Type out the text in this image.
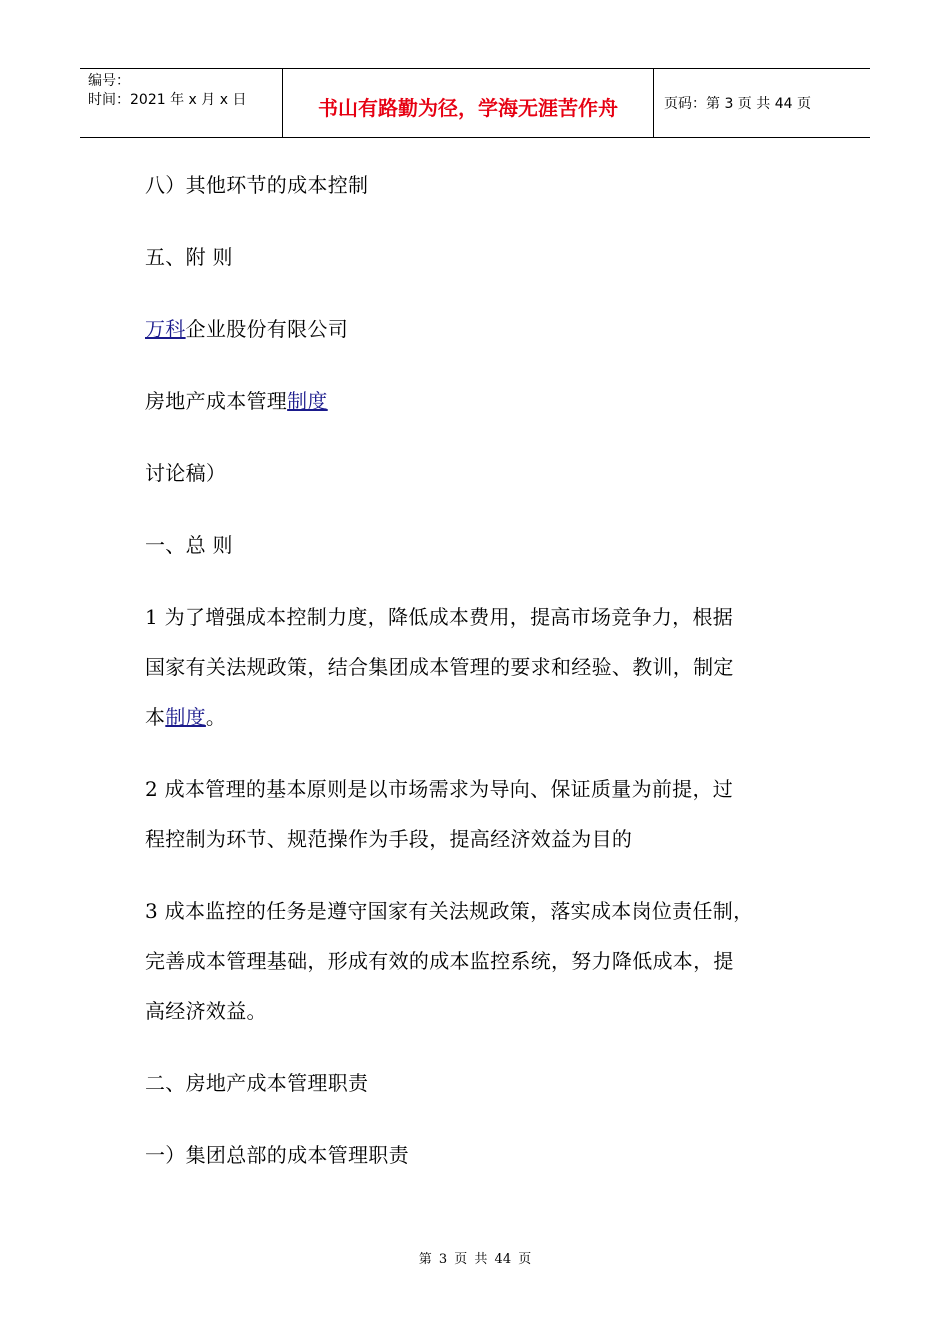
编号：
时间：2021 年 x 月 x 日	书山有路勤为径，学海无涯苦作舟	页码：第 3 页 共 44 页
八）其他环节的成本控制
五、附 则
万科企业股份有限公司
房地产成本管理制度
讨论稿）
一、总 则
1 为了增强成本控制力度，降低成本费用，提高市场竞争力，根据
国家有关法规政策，结合集团成本管理的要求和经验、教训，制定
本制度。
2 成本管理的基本原则是以市场需求为导向、保证质量为前提，过
程控制为环节、规范操作为手段，提高经济效益为目的
3 成本监控的任务是遵守国家有关法规政策，落实成本岗位责任制，
完善成本管理基础，形成有效的成本监控系统，努力降低成本，提
高经济效益。
二、房地产成本管理职责
一）集团总部的成本管理职责
第 3 页 共 44 页
